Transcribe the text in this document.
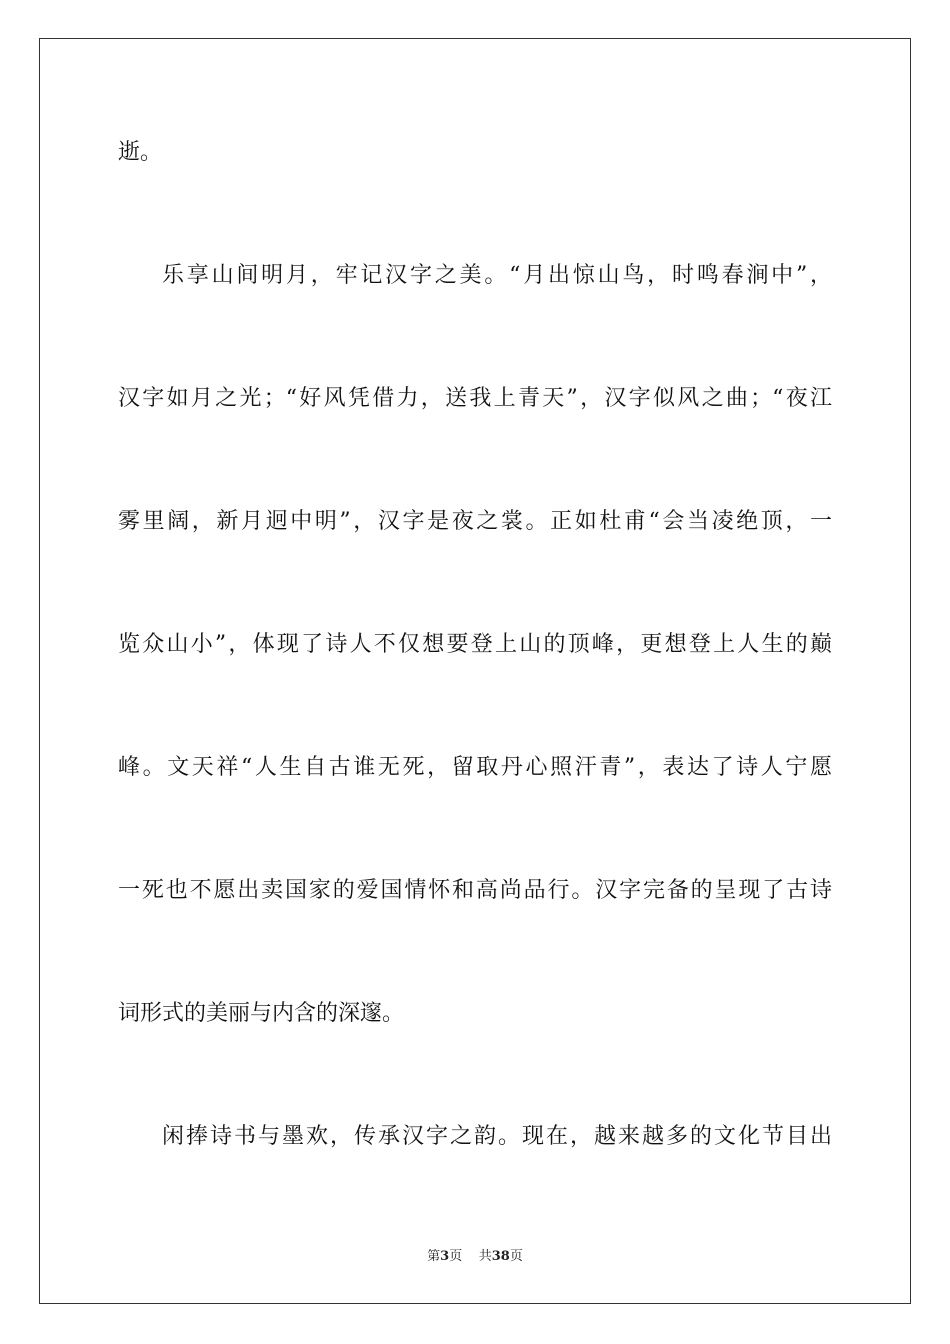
逝。
乐享山间明月，牢记汉字之美。“月出惊山鸟，时鸣春涧中”，
汉字如月之光；“好风凭借力，送我上青天”，汉字似风之曲；“夜江
雾里阔，新月迥中明”，汉字是夜之裳。正如杜甫“会当凌绝顶，一
览众山小”，体现了诗人不仅想要登上山的顶峰，更想登上人生的巅
峰。文天祥“人生自古谁无死，留取丹心照汗青”，表达了诗人宁愿
一死也不愿出卖国家的爱国情怀和高尚品行。汉字完备的呈现了古诗
词形式的美丽与内含的深邃。
闲捧诗书与墨欢，传承汉字之韵。现在，越来越多的文化节目出
第3页 共38页
